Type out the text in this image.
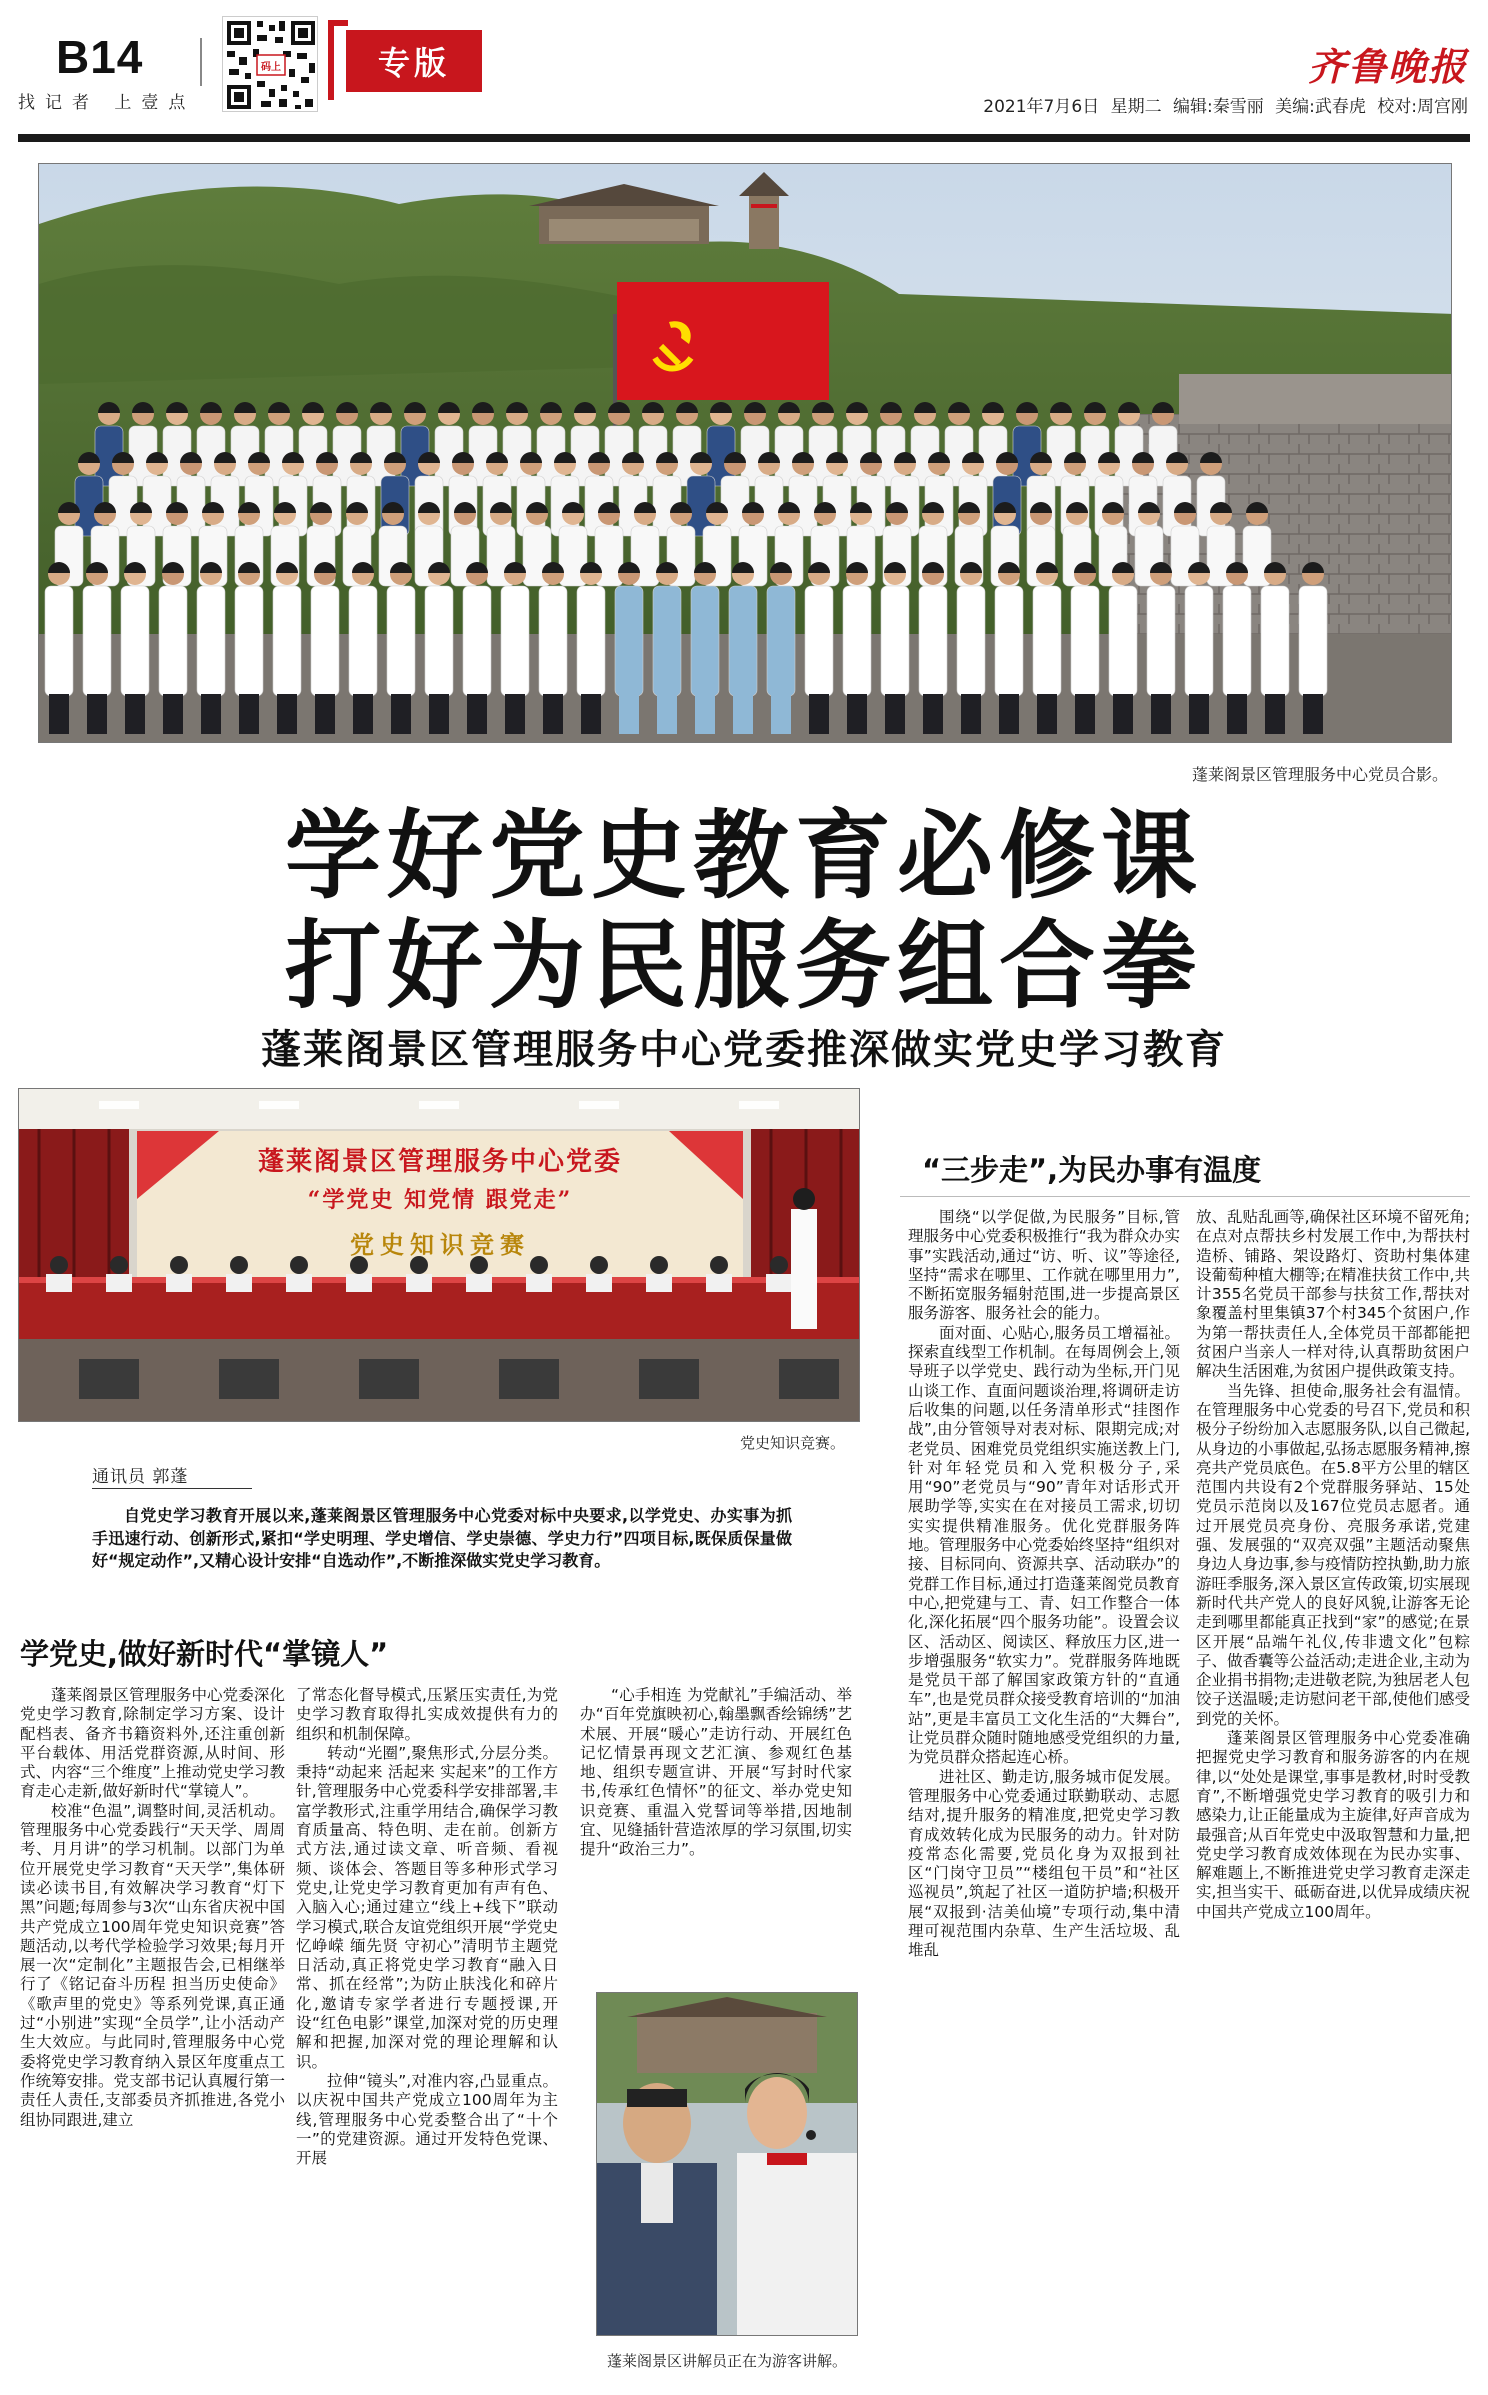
B14
找记者 上壹点
码上	专版	齐鲁晚报
2021年7月6日 星期二 编辑:秦雪丽 美编:武春虎 校对:周宫刚
蓬莱阁景区管理服务中心党员合影。
学好党史教育必修课
打好为民服务组合拳
蓬莱阁景区管理服务中心党委推深做实党史学习教育
蓬莱阁景区管理服务中心党委
“学党史 知党情 跟党走”
党史知识竞赛
党史知识竞赛。
通讯员 郭蓬

自党史学习教育开展以来,蓬莱阁景区管理服务中心党委对标中央要求,以学党史、办实事为抓手迅速行动、创新形式,紧扣“学史明理、学史增信、学史崇德、学史力行”四项目标,既保质保量做好“规定动作”,又精心设计安排“自选动作”,不断推深做实党史学习教育。

学党史,做好新时代“掌镜人”
“三步走”,为民办事有温度

蓬莱阁景区管理服务中心党委深化党史学习教育,除制定学习方案、设计配档表、备齐书籍资料外,还注重创新平台载体、用活党群资源,从时间、形式、内容“三个维度”上推动党史学习教育走心走新,做好新时代“掌镜人”。

校准“色温”,调整时间,灵活机动。管理服务中心党委践行“天天学、周周考、月月讲”的学习机制。以部门为单位开展党史学习教育“天天学”,集体研读必读书目,有效解决学习教育“灯下黑”问题;每周参与3次“山东省庆祝中国共产党成立100周年党史知识竞赛”答题活动,以考代学检验学习效果;每月开展一次“定制化”主题报告会,已相继举行了《铭记奋斗历程 担当历史使命》《歌声里的党史》等系列党课,真正通过“小别进”实现“全员学”,让小活动产生大效应。与此同时,管理服务中心党委将党史学习教育纳入景区年度重点工作统筹安排。党支部书记认真履行第一责任人责任,支部委员齐抓推进,各党小组协同跟进,建立

了常态化督导模式,压紧压实责任,为党史学习教育取得扎实成效提供有力的组织和机制保障。

转动“光圈”,聚焦形式,分层分类。秉持“动起来 活起来 实起来”的工作方针,管理服务中心党委科学安排部署,丰富学教形式,注重学用结合,确保学习教育质量高、特色明、走在前。创新方式方法,通过读文章、听音频、看视频、谈体会、答题目等多种形式学习党史,让党史学习教育更加有声有色、入脑入心;通过建立“线上+线下”联动学习模式,联合友谊党组织开展“学党史 忆峥嵘 缅先贤 守初心”清明节主题党日活动,真正将党史学习教育“融入日常、抓在经常”;为防止肤浅化和碎片化,邀请专家学者进行专题授课,开设“红色电影”课堂,加深对党的历史理解和把握,加深对党的理论理解和认识。

拉伸“镜头”,对准内容,凸显重点。以庆祝中国共产党成立100周年为主线,管理服务中心党委整合出了“十个一”的党建资源。通过开发特色党课、开展

“心手相连 为党献礼”手编活动、举办“百年党旗映初心,翰墨飘香绘锦绣”艺术展、开展“暖心”走访行动、开展红色记忆情景再现文艺汇演、参观红色基地、组织专题宣讲、开展“写封时代家书,传承红色情怀”的征文、举办党史知识竞赛、重温入党誓词等举措,因地制宜、见缝插针营造浓厚的学习氛围,切实提升“政治三力”。

围绕“以学促做,为民服务”目标,管理服务中心党委积极推行“我为群众办实事”实践活动,通过“访、听、议”等途径,坚持“需求在哪里、工作就在哪里用力”,不断拓宽服务辐射范围,进一步提高景区服务游客、服务社会的能力。

面对面、心贴心,服务员工增福祉。探索直线型工作机制。在每周例会上,领导班子以学党史、践行动为坐标,开门见山谈工作、直面问题谈治理,将调研走访后收集的问题,以任务清单形式“挂图作战”,由分管领导对表对标、限期完成;对老党员、困难党员党组织实施送教上门,针对年轻党员和入党积极分子,采用“90”老党员与“90”青年对话形式开展助学等,实实在在对接员工需求,切切实实提供精准服务。优化党群服务阵地。管理服务中心党委始终坚持“组织对接、目标同向、资源共享、活动联办”的党群工作目标,通过打造蓬莱阁党员教育中心,把党建与工、青、妇工作整合一体化,深化拓展“四个服务功能”。设置会议区、活动区、阅读区、释放压力区,进一步增强服务“软实力”。党群服务阵地既是党员干部了解国家政策方针的“直通车”,也是党员群众接受教育培训的“加油站”,更是丰富员工文化生活的“大舞台”,让党员群众随时随地感受党组织的力量,为党员群众搭起连心桥。

进社区、勤走访,服务城市促发展。管理服务中心党委通过联勤联动、志愿结对,提升服务的精准度,把党史学习教育成效转化成为民服务的动力。针对防疫常态化需要,党员化身为双报到社区“门岗守卫员”“楼组包干员”和“社区巡视员”,筑起了社区一道防护墙;积极开展“双报到·洁美仙境”专项行动,集中清理可视范围内杂草、生产生活垃圾、乱堆乱

放、乱贴乱画等,确保社区环境不留死角;在点对点帮扶乡村发展工作中,为帮扶村造桥、铺路、架设路灯、资助村集体建设葡萄种植大棚等;在精准扶贫工作中,共计355名党员干部参与扶贫工作,帮扶对象覆盖村里集镇37个村345个贫困户,作为第一帮扶责任人,全体党员干部都能把贫困户当亲人一样对待,认真帮助贫困户解决生活困难,为贫困户提供政策支持。

当先锋、担使命,服务社会有温情。在管理服务中心党委的号召下,党员和积极分子纷纷加入志愿服务队,以自己微起,从身边的小事做起,弘扬志愿服务精神,擦亮共产党员底色。在5.8平方公里的辖区范围内共设有2个党群服务驿站、15处党员示范岗以及167位党员志愿者。通过开展党员亮身份、亮服务承诺,党建强、发展强的“双亮双强”主题活动聚焦身边人身边事,参与疫情防控执勤,助力旅游旺季服务,深入景区宣传政策,切实展现新时代共产党人的良好风貌,让游客无论走到哪里都能真正找到“家”的感觉;在景区开展“品端午礼仪,传非遗文化”包粽子、做香囊等公益活动;走进企业,主动为企业捐书捐物;走进敬老院,为独居老人包饺子送温暖;走访慰问老干部,使他们感受到党的关怀。

蓬莱阁景区管理服务中心党委准确把握党史学习教育和服务游客的内在规律,以“处处是课堂,事事是教材,时时受教育”,不断增强党史学习教育的吸引力和感染力,让正能量成为主旋律,好声音成为最强音;从百年党史中汲取智慧和力量,把党史学习教育成效体现在为民办实事、解难题上,不断推进党史学习教育走深走实,担当实干、砥砺奋进,以优异成绩庆祝中国共产党成立100周年。

蓬莱阁景区讲解员正在为游客讲解。
